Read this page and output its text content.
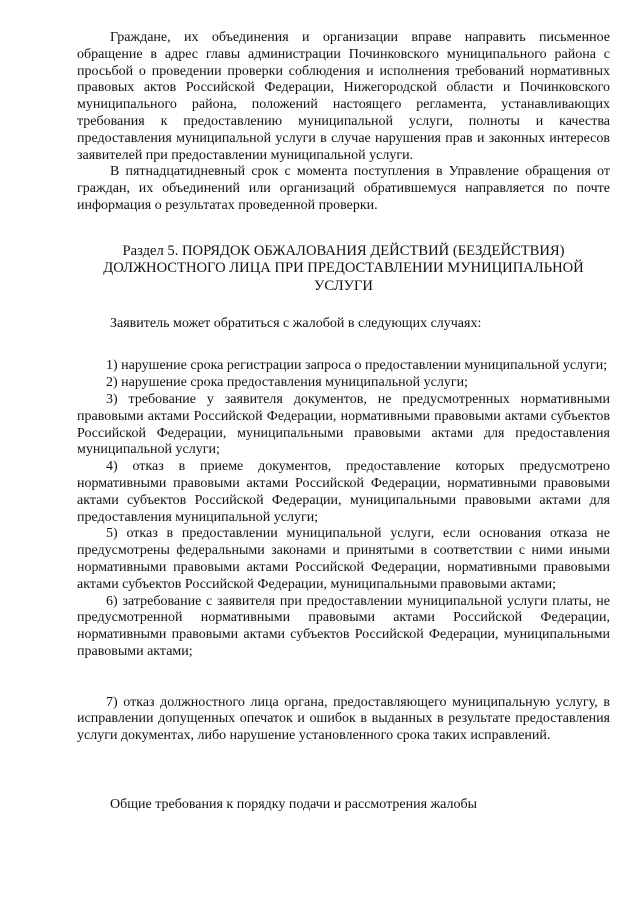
Граждане, их объединения и организации вправе направить письменное обращение в адрес главы администрации Починковского муниципального района с просьбой о проведении проверки соблюдения и исполнения требований нормативных правовых актов Российской Федерации, Нижегородской области и Починковского муниципального района, положений настоящего регламента, устанавливающих требования к предоставлению муниципальной услуги, полноты и качества предоставления муниципальной услуги в случае нарушения прав и законных интересов заявителей при предоставлении муниципальной услуги.

В пятнадцатидневный срок с момента поступления в Управление обращения от граждан, их объединений или организаций обратившемуся направляется по почте информация о результатах проведенной проверки.

Раздел 5. ПОРЯДОК ОБЖАЛОВАНИЯ ДЕЙСТВИЙ (БЕЗДЕЙСТВИЯ) ДОЛЖНОСТНОГО ЛИЦА ПРИ ПРЕДОСТАВЛЕНИИ МУНИЦИПАЛЬНОЙ УСЛУГИ

Заявитель может обратиться с жалобой в следующих случаях:

1) нарушение срока регистрации запроса о предоставлении муниципальной услуги;

2) нарушение срока предоставления муниципальной услуги;

3) требование у заявителя документов, не предусмотренных нормативными правовыми актами Российской Федерации, нормативными правовыми актами субъектов Российской Федерации, муниципальными правовыми актами для предоставления муниципальной услуги;

4) отказ в приеме документов, предоставление которых предусмотрено нормативными правовыми актами Российской Федерации, нормативными правовыми актами субъектов Российской Федерации, муниципальными правовыми актами для предоставления муниципальной услуги;

5) отказ в предоставлении муниципальной услуги, если основания отказа не предусмотрены федеральными законами и принятыми в соответствии с ними иными нормативными правовыми актами Российской Федерации, нормативными правовыми актами субъектов Российской Федерации, муниципальными правовыми актами;

6) затребование с заявителя при предоставлении муниципальной услуги платы, не предусмотренной нормативными правовыми актами Российской Федерации, нормативными правовыми актами субъектов Российской Федерации, муниципальными правовыми актами;

7) отказ должностного лица органа, предоставляющего муниципальную услугу, в исправлении допущенных опечаток и ошибок в выданных в результате предоставления услуги документах, либо нарушение установленного срока таких исправлений.

Общие требования к порядку подачи и рассмотрения жалобы
